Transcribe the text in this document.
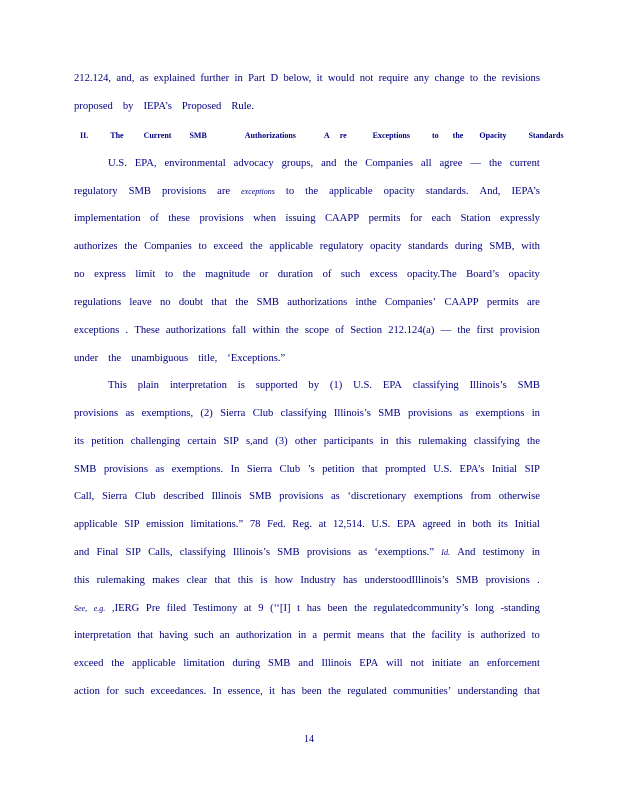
II.	The	Current SMB	Authorizations	A re	Exceptions	to the Opacity	Standards
212.124, and, as explained further in Part D below, it would not require any change to the revisions
proposed by IEPA’s Proposed Rule.
U.S. EPA, environmental advocacy groups, and the Companies all agree — the current
regulatory SMB provisions are exceptions to the applicable opacity standards. And, IEPA’s
implementation of these provisions when issuing CAAPP permits for each Station expressly
authorizes the Companies to exceed the applicable regulatory opacity standards during SMB, with
no express limit to the magnitude or duration of such excess opacity.The Board’s opacity
regulations leave no doubt that the SMB authorizations inthe Companies’ CAAPP permits are
exceptions . These authorizations fall within the scope of Section 212.124(a) — the first provision
under the unambiguous title, ‘Exceptions.”
This plain interpretation is supported by (1) U.S. EPA classifying Illinois’s SMB
provisions as exemptions, (2) Sierra Club classifying Illinois’s SMB provisions as exemptions in
its petition challenging certain SIP s,and (3) other participants in this rulemaking classifying the
SMB provisions as exemptions. In Sierra Club ’s petition that prompted U.S. EPA’s Initial SIP
Call, Sierra Club described Illinois SMB provisions as ‘discretionary exemptions from otherwise
applicable SIP emission limitations.” 78 Fed. Reg. at 12,514. U.S. EPA agreed in both its Initial
and Final SIP Calls, classifying Illinois’s SMB provisions as ‘exemptions.” Id. And testimony in
this rulemaking makes clear that this is how Industry has understoodIllinois’s SMB provisions .
See, e.g. ,IERG Pre filed Testimony at 9 (‘‘[I] t has been the regulatedcommunity’s long -standing
interpretation that having such an authorization in a permit means that the facility is authorized to
exceed the applicable limitation during SMB and Illinois EPA will not initiate an enforcement
action for such exceedances. In essence, it has been the regulated communities’ understanding that
14
